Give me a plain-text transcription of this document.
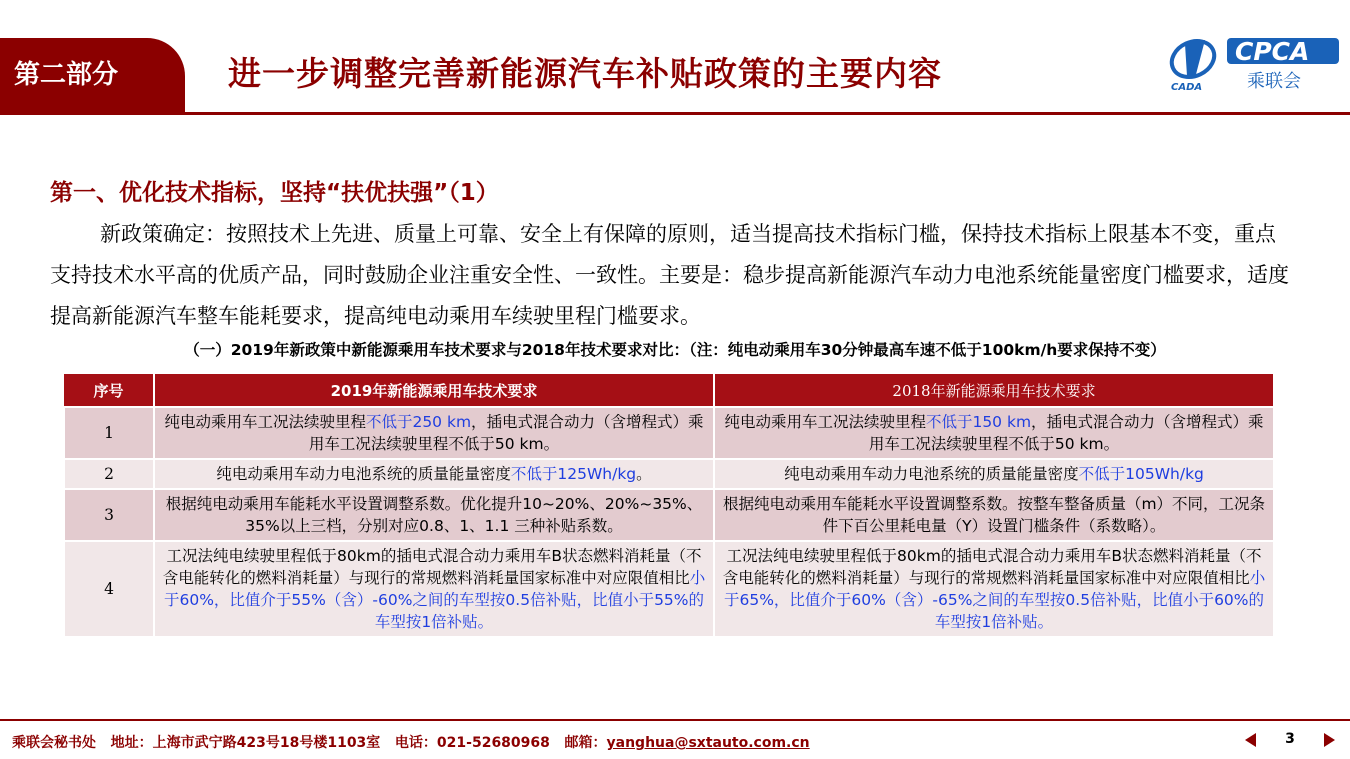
第二部分	进一步调整完善新能源汽车补贴政策的主要内容	CADA
CPCA
乘联会
第一、优化技术指标，坚持“扶优扶强”（1）
新政策确定：按照技术上先进、质量上可靠、安全上有保障的原则，适当提高技术指标门槛，保持技术指标上限基本不变，重点支持技术水平高的优质产品，同时鼓励企业注重安全性、一致性。主要是：稳步提高新能源汽车动力电池系统能量密度门槛要求，适度提高新能源汽车整车能耗要求，提高纯电动乘用车续驶里程门槛要求。
（一）2019年新政策中新能源乘用车技术要求与2018年技术要求对比：（注：纯电动乘用车30分钟最高车速不低于100km/h要求保持不变）
序号	2019年新能源乘用车技术要求	2018年新能源乘用车技术要求
1	纯电动乘用车工况法续驶里程不低于250 km，插电式混合动力（含增程式）乘用车工况法续驶里程不低于50 km。	纯电动乘用车工况法续驶里程不低于150 km，插电式混合动力（含增程式）乘用车工况法续驶里程不低于50 km。
2	纯电动乘用车动力电池系统的质量能量密度不低于125Wh/kg。	纯电动乘用车动力电池系统的质量能量密度不低于105Wh/kg
3	根据纯电动乘用车能耗水平设置调整系数。优化提升10~20%、20%~35%、35%以上三档，分别对应0.8、1、1.1 三种补贴系数。	根据纯电动乘用车能耗水平设置调整系数。按整车整备质量（m）不同，工况条件下百公里耗电量（Y）设置门槛条件（系数略）。
4	工况法纯电续驶里程低于80km的插电式混合动力乘用车B状态燃料消耗量（不含电能转化的燃料消耗量）与现行的常规燃料消耗量国家标准中对应限值相比小于60%，比值介于55%（含）-60%之间的车型按0.5倍补贴，比值小于55%的车型按1倍补贴。	工况法纯电续驶里程低于80km的插电式混合动力乘用车B状态燃料消耗量（不含电能转化的燃料消耗量）与现行的常规燃料消耗量国家标准中对应限值相比小于65%，比值介于60%（含）-65%之间的车型按0.5倍补贴，比值小于60%的车型按1倍补贴。
乘联会秘书处 地址：上海市武宁路423号18号楼1103室 电话：021-52680968 邮箱：yanghua@sxtauto.com.cn	3
